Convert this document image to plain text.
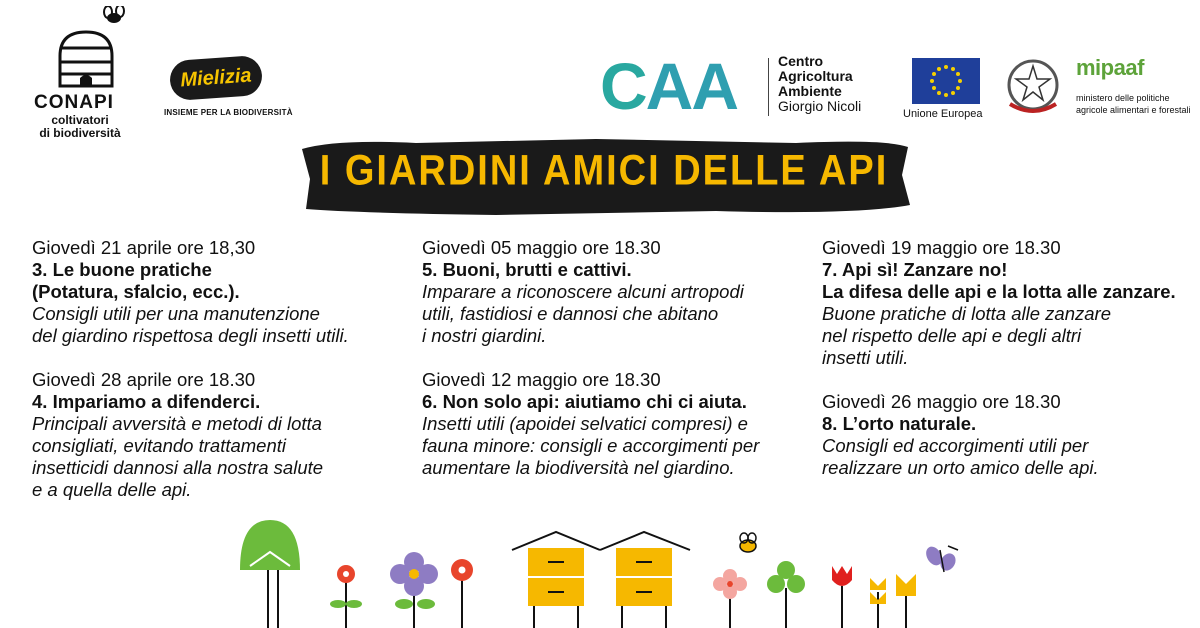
CONAPI
coltivatori
di biodiversità
Mielizia
INSIEME PER LA BIODIVERSITÀ	CAA	Centro
Agricoltura
Ambiente
Giorgio Nicoli	Unione Europea
mipaaf
ministero delle politiche
agricole alimentari e forestali
I GIARDINI AMICI DELLE API
Giovedì 21 aprile ore 18,30
3. Le buone pratiche
(Potatura, sfalcio, ecc.).
Consigli utili per una manutenzione
del giardino rispettosa degli insetti utili.
Giovedì 28 aprile ore 18.30
4. Impariamo a difenderci.
Principali avversità e metodi di lotta
consigliati, evitando trattamenti
insetticidi dannosi alla nostra salute
e a quella delle api.
Giovedì 05 maggio ore 18.30
5. Buoni, brutti e cattivi.
Imparare a riconoscere alcuni artropodi
utili, fastidiosi e dannosi che abitano
i nostri giardini.
Giovedì 12 maggio ore 18.30
6. Non solo api: aiutiamo chi ci aiuta.
Insetti utili (apoidei selvatici compresi) e
fauna minore: consigli e accorgimenti per
aumentare la biodiversità nel giardino.
Giovedì 19 maggio ore 18.30
7. Api sì! Zanzare no!
La difesa delle api e la lotta alle zanzare.
Buone pratiche di lotta alle zanzare
nel rispetto delle api e degli altri
insetti utili.
Giovedì 26 maggio ore 18.30
8. L’orto naturale.
Consigli ed accorgimenti utili per
realizzare un orto amico delle api.
